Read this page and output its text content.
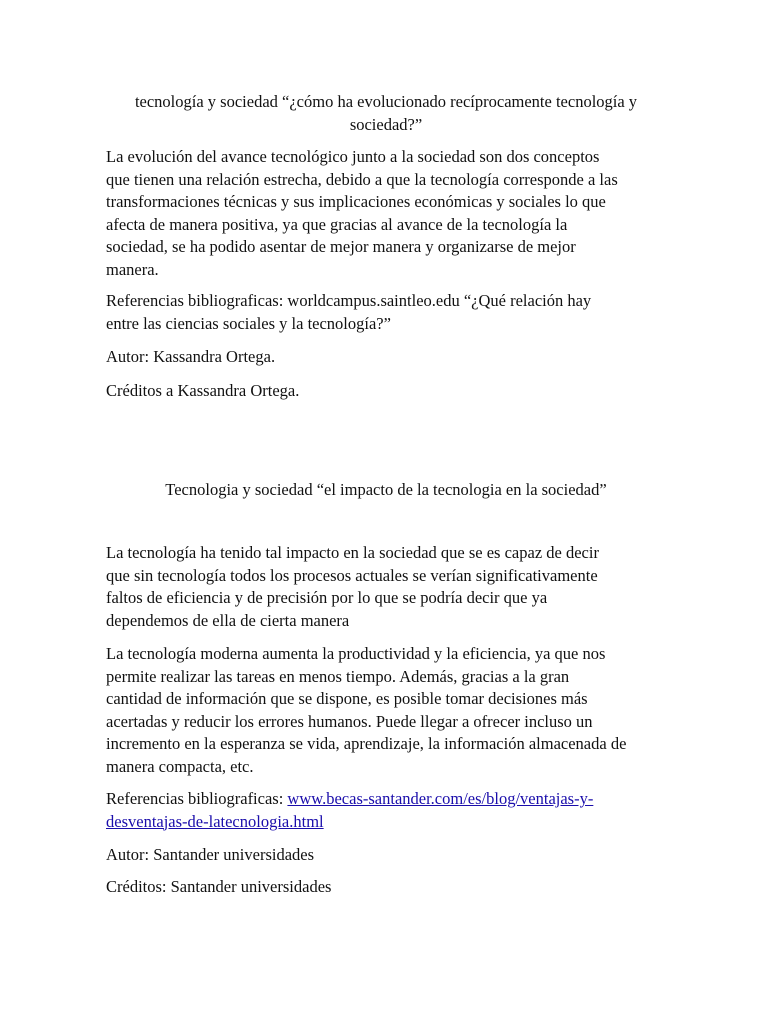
tecnología y sociedad “¿cómo ha evolucionado recíprocamente tecnología y
sociedad?”
La evolución del avance tecnológico junto a la sociedad son dos conceptos
que tienen una relación estrecha, debido a que la tecnología corresponde a las
transformaciones técnicas y sus implicaciones económicas y sociales lo que
afecta de manera positiva, ya que gracias al avance de la tecnología la
sociedad, se ha podido asentar de mejor manera y organizarse de mejor
manera.
Referencias bibliograficas: worldcampus.saintleo.edu “¿Qué relación hay
entre las ciencias sociales y la tecnología?”
Autor: Kassandra Ortega.
Créditos a Kassandra Ortega.
Tecnologia y sociedad “el impacto de la tecnologia en la sociedad”
La tecnología ha tenido tal impacto en la sociedad que se es capaz de decir
que sin tecnología todos los procesos actuales se verían significativamente
faltos de eficiencia y de precisión por lo que se podría decir que ya
dependemos de ella de cierta manera
La tecnología moderna aumenta la productividad y la eficiencia, ya que nos
permite realizar las tareas en menos tiempo. Además, gracias a la gran
cantidad de información que se dispone, es posible tomar decisiones más
acertadas y reducir los errores humanos. Puede llegar a ofrecer incluso un
incremento en la esperanza se vida, aprendizaje, la información almacenada de
manera compacta, etc.
Referencias bibliograficas: www.becas-santander.com/es/blog/ventajas-y-
desventajas-de-latecnologia.html
Autor: Santander universidades
Créditos: Santander universidades
